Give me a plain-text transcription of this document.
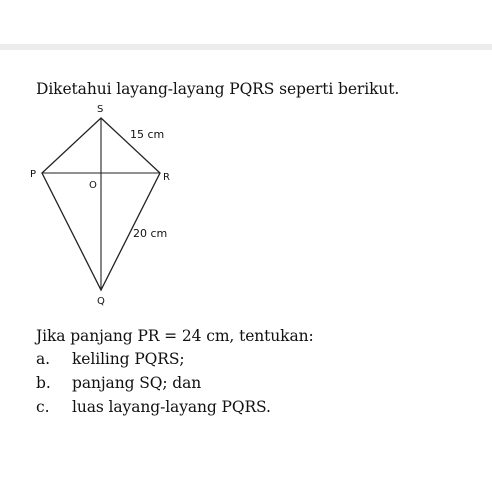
Diketahui layang-layang PQRS seperti berikut.
S
P	R
Q
O
15 cm
20 cm
Jika panjang PR = 24 cm, tentukan:
a. keliling PQRS;
b. panjang SQ; dan
c. luas layang-layang PQRS.
